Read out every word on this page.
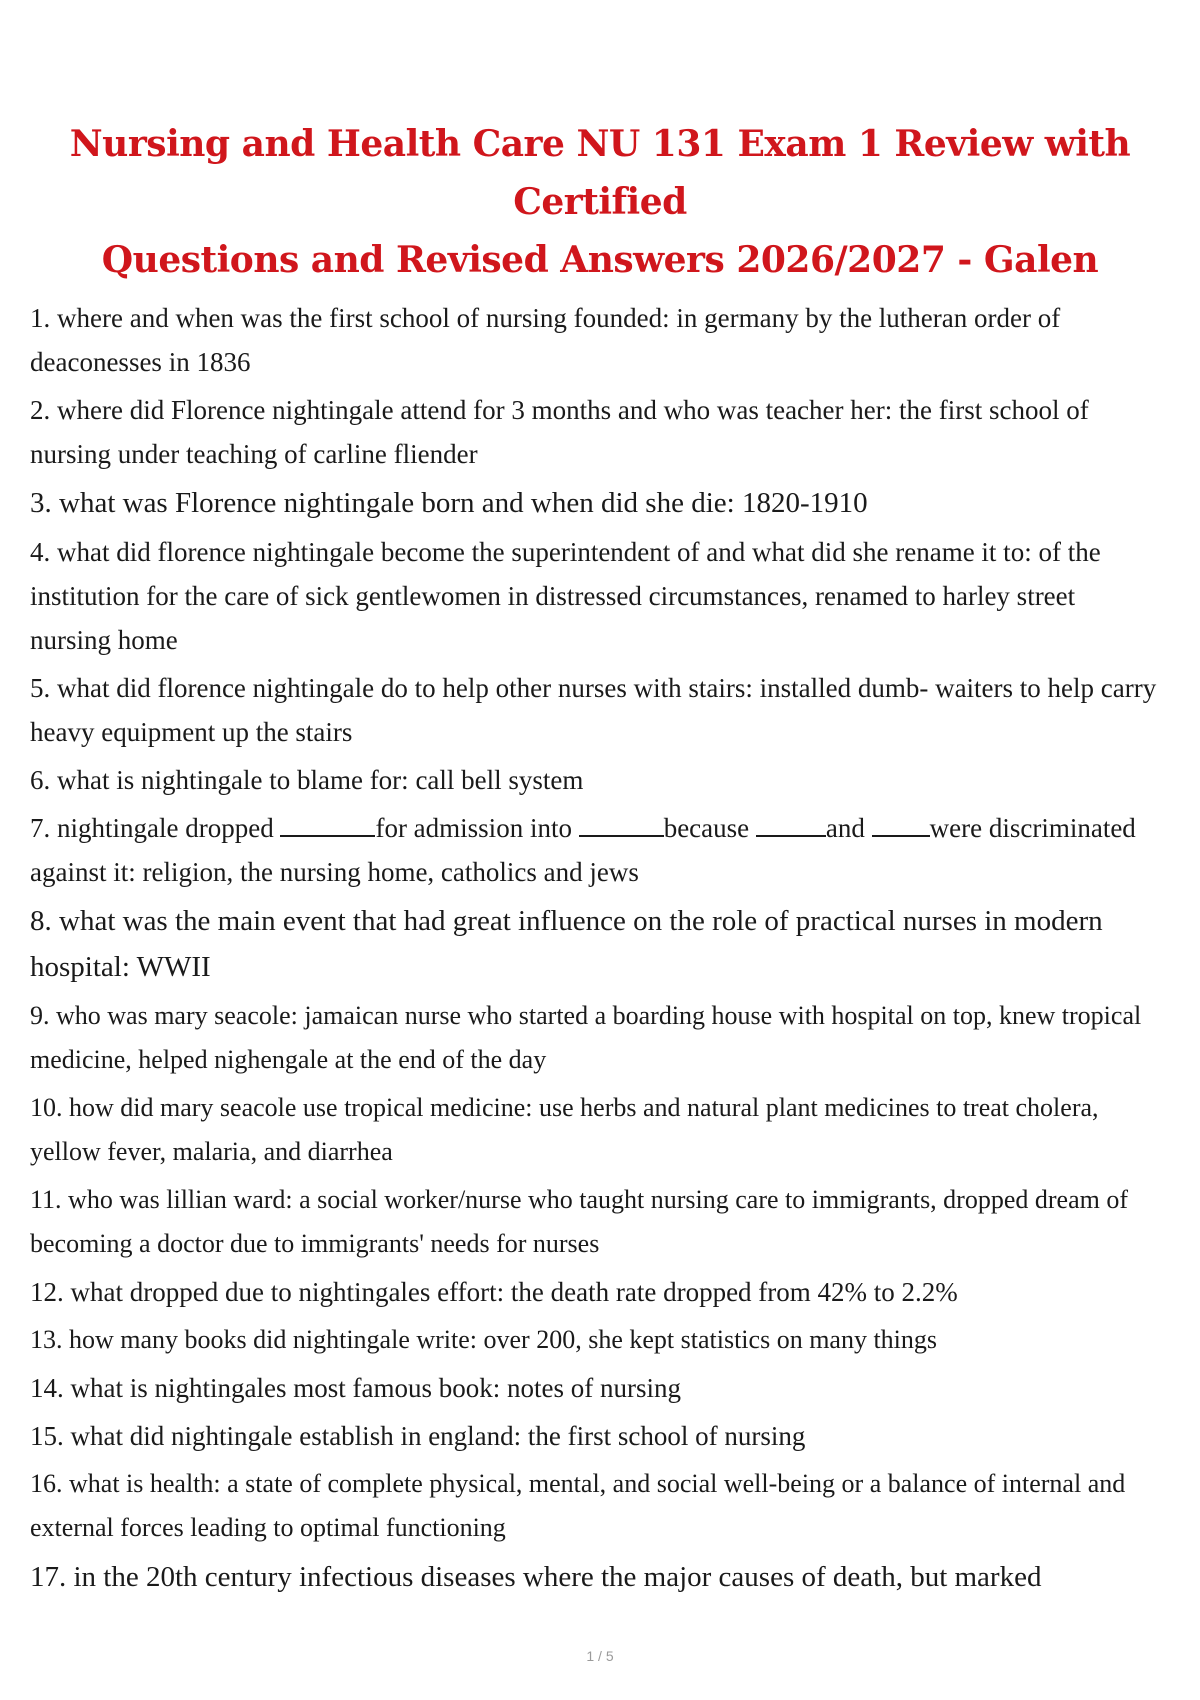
Nursing and Health Care NU 131 Exam 1 Review with Certified
Questions and Revised Answers 2026/2027 - Galen
1. where and when was the first school of nursing founded: in germany by the lutheran order of deaconesses in 1836
2. where did Florence nightingale attend for 3 months and who was teacher her: the first school of nursing under teaching of carline fliender
3. what was Florence nightingale born and when did she die: 1820-1910
4. what did florence nightingale become the superintendent of and what did she rename it to: of the institution for the care of sick gentlewomen in distressed circumstances, renamed to harley street nursing home
5. what did florence nightingale do to help other nurses with stairs: installed dumb- waiters to help carry heavy equipment up the stairs
6. what is nightingale to blame for: call bell system
7. nightingale dropped	for admission into	because	and were discriminated against it: religion, the nursing home, catholics and jews
8. what was the main event that had great influence on the role of practical nurses in modern hospital: WWII
9. who was mary seacole: jamaican nurse who started a boarding house with hospital on top, knew tropical medicine, helped nighengale at the end of the day
10. how did mary seacole use tropical medicine: use herbs and natural plant medicines to treat cholera, yellow fever, malaria, and diarrhea
11. who was lillian ward: a social worker/nurse who taught nursing care to immigrants, dropped dream of becoming a doctor due to immigrants' needs for nurses
12. what dropped due to nightingales effort: the death rate dropped from 42% to 2.2%
13. how many books did nightingale write: over 200, she kept statistics on many things
14. what is nightingales most famous book: notes of nursing
15. what did nightingale establish in england: the first school of nursing
16. what is health: a state of complete physical, mental, and social well-being or a balance of internal and external forces leading to optimal functioning
17. in the 20th century infectious diseases where the major causes of death, but marked
1 / 5
